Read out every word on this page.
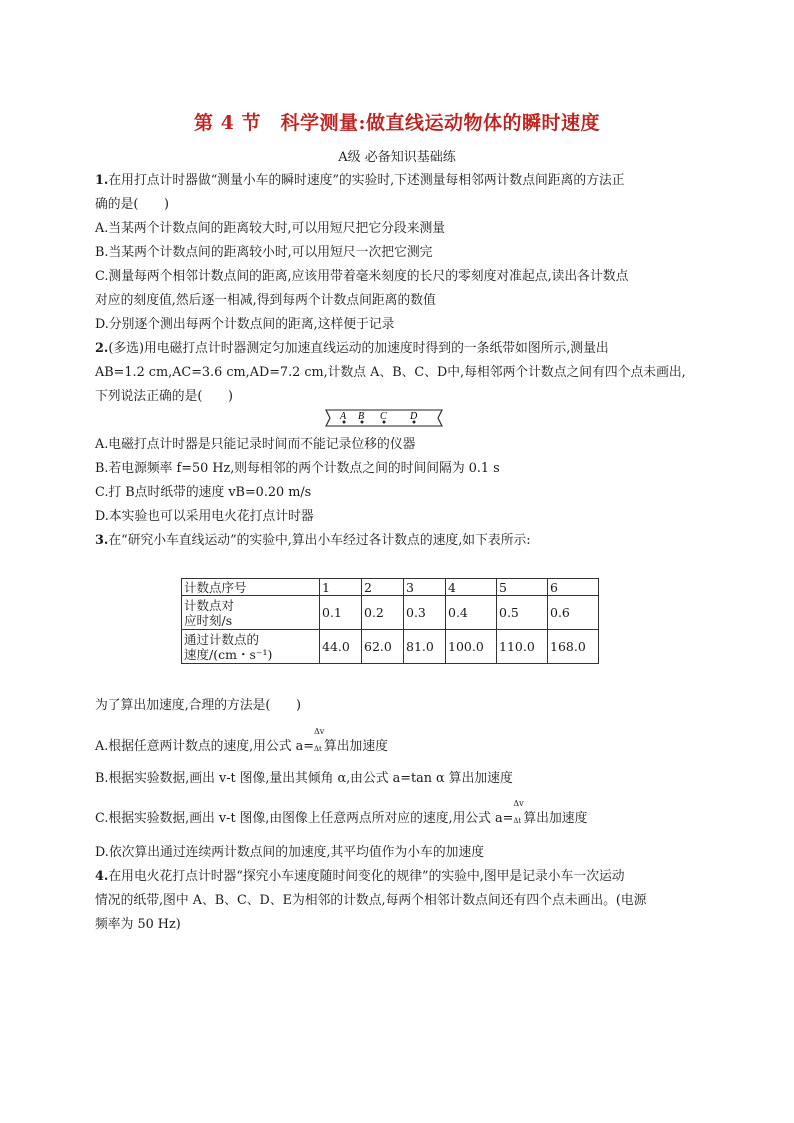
第 4 节　科学测量:做直线运动物体的瞬时速度
A级 必备知识基础练
1.在用打点计时器做“测量小车的瞬时速度”的实验时,下述测量每相邻两计数点间距离的方法正
确的是(　　)
A.当某两个计数点间的距离较大时,可以用短尺把它分段来测量
B.当某两个计数点间的距离较小时,可以用短尺一次把它测完
C.测量每两个相邻计数点间的距离,应该用带着毫米刻度的长尺的零刻度对准起点,读出各计数点
对应的刻度值,然后逐一相减,得到每两个计数点间距离的数值
D.分别逐个测出每两个计数点间的距离,这样便于记录
2.(多选)用电磁打点计时器测定匀加速直线运动的加速度时得到的一条纸带如图所示,测量出
AB=1.2 cm,AC=3.6 cm,AD=7.2 cm,计数点 A、B、C、D中,每相邻两个计数点之间有四个点未画出,
下列说法正确的是(　　)
A B C D
A.电磁打点计时器是只能记录时间而不能记录位移的仪器
B.若电源频率 f=50 Hz,则每相邻的两个计数点之间的时间间隔为 0.1 s
C.打 B点时纸带的速度 vB=0.20 m/s
D.本实验也可以采用电火花打点计时器
3.在“研究小车直线运动”的实验中,算出小车经过各计数点的速度,如下表所示:
计数点序号	1	2	3	4	5	6

计数点对
应时刻/s	0.1	0.2	0.3	0.4	0.5	0.6

通过计数点的
速度/(cm・s⁻¹)	44.0	62.0	81.0	100.0	110.0	168.0
为了算出加速度,合理的方法是(　　)
A.根据任意两计数点的速度,用公式 a=
Δv
Δt 算出加速度
B.根据实验数据,画出 v-t 图像,量出其倾角 α,由公式 a=tan α 算出加速度
C.根据实验数据,画出 v-t 图像,由图像上任意两点所对应的速度,用公式 a=
Δv
Δt 算出加速度
D.依次算出通过连续两计数点间的加速度,其平均值作为小车的加速度
4.在用电火花打点计时器“探究小车速度随时间变化的规律”的实验中,图甲是记录小车一次运动
情况的纸带,图中 A、B、C、D、E为相邻的计数点,每两个相邻计数点间还有四个点未画出。(电源
频率为 50 Hz)
